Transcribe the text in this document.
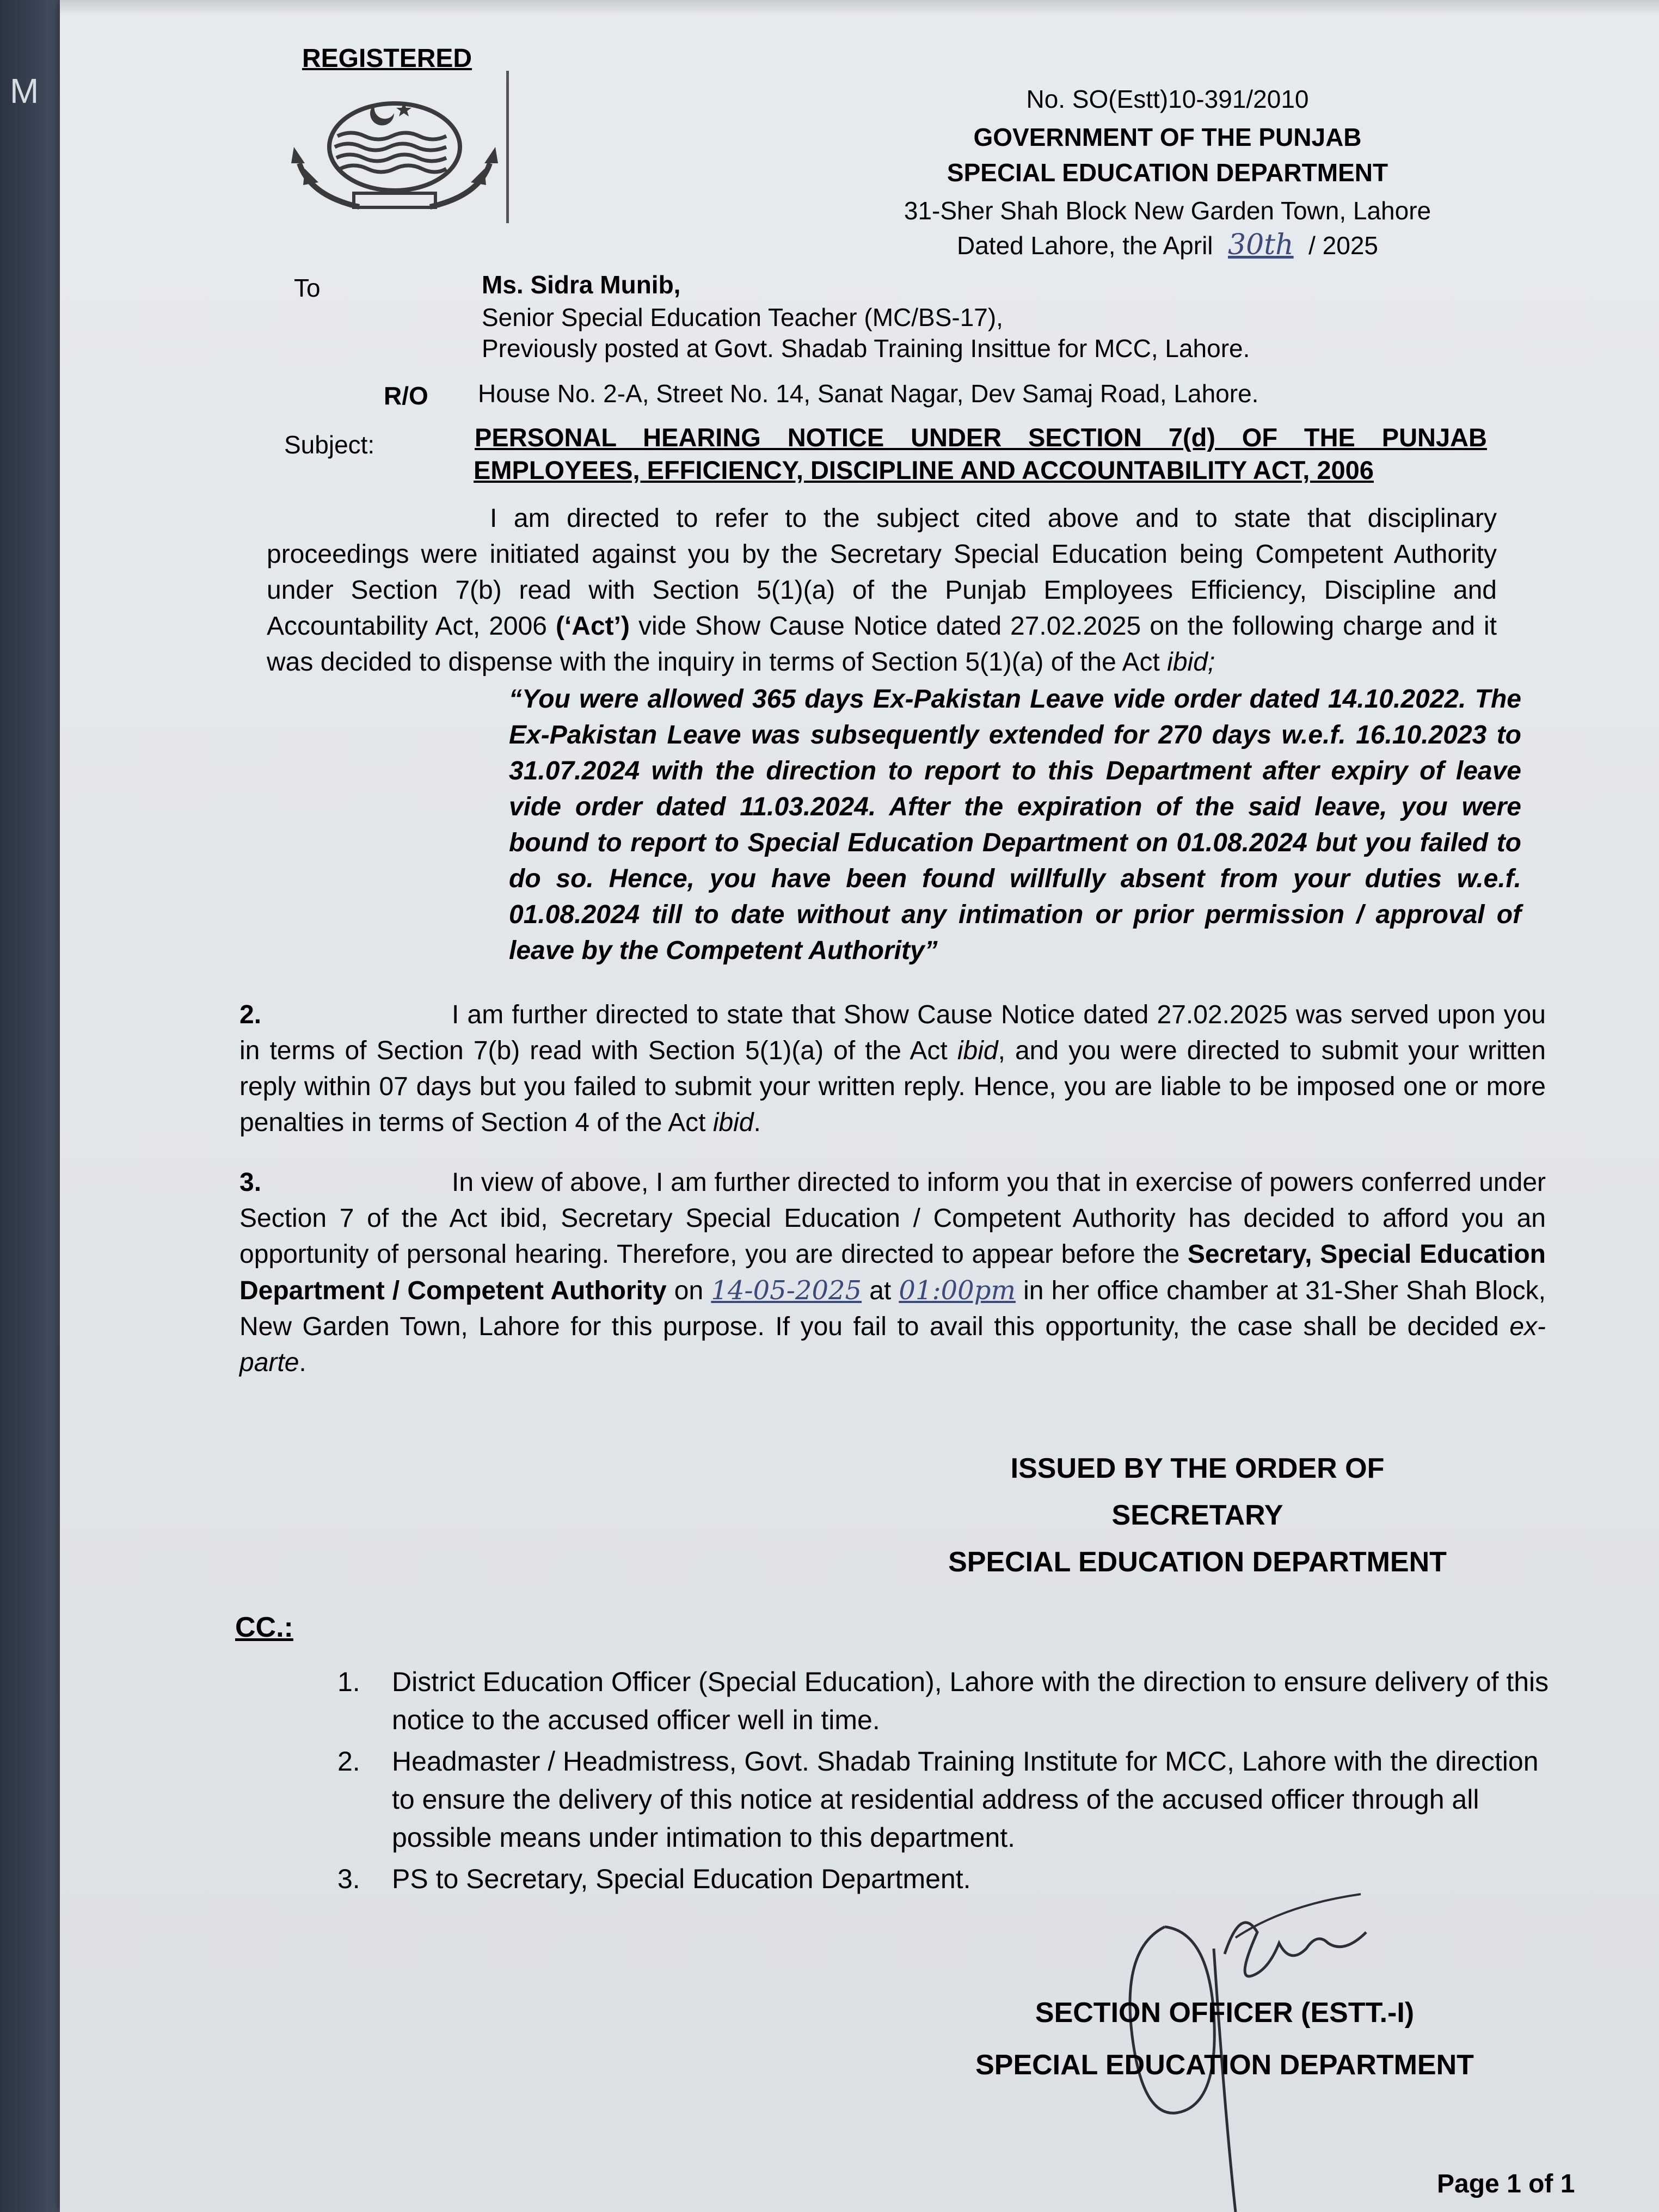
M
REGISTERED
No. SO(Estt)10-391/2010
GOVERNMENT OF THE PUNJAB
SPECIAL EDUCATION DEPARTMENT
31-Sher Shah Block New Garden Town, Lahore
Dated Lahore, the April 30th / 2025
To	Ms. Sidra Munib,
Senior Special Education Teacher (MC/BS-17),
Previously posted at Govt. Shadab Training Insittue for MCC, Lahore.
R/O House No. 2-A, Street No. 14, Sanat Nagar, Dev Samaj Road, Lahore.
Subject:	PERSONAL HEARING NOTICE UNDER SECTION 7(d) OF THE PUNJAB
EMPLOYEES, EFFICIENCY, DISCIPLINE AND ACCOUNTABILITY ACT, 2006
I am directed to refer to the subject cited above and to state that disciplinary proceedings were initiated against you by the Secretary Special Education being Competent Authority under Section 7(b) read with Section 5(1)(a) of the Punjab Employees Efficiency, Discipline and Accountability Act, 2006 (‘Act’) vide Show Cause Notice dated 27.02.2025 on the following charge and it was decided to dispense with the inquiry in terms of Section 5(1)(a) of the Act ibid;
“You were allowed 365 days Ex-Pakistan Leave vide order dated 14.10.2022. The Ex-Pakistan Leave was subsequently extended for 270 days w.e.f. 16.10.2023 to 31.07.2024 with the direction to report to this Department after expiry of leave vide order dated 11.03.2024. After the expiration of the said leave, you were bound to report to Special Education Department on 01.08.2024 but you failed to do so. Hence, you have been found willfully absent from your duties w.e.f. 01.08.2024 till to date without any intimation or prior permission / approval of leave by the Competent Authority”
2.	I am further directed to state that Show Cause Notice dated 27.02.2025 was served upon you in terms of Section 7(b) read with Section 5(1)(a) of the Act ibid, and you were directed to submit your written reply within 07 days but you failed to submit your written reply. Hence, you are liable to be imposed one or more penalties in terms of Section 4 of the Act ibid.
3.	In view of above, I am further directed to inform you that in exercise of powers conferred under Section 7 of the Act ibid, Secretary Special Education / Competent Authority has decided to afford you an opportunity of personal hearing. Therefore, you are directed to appear before the Secretary, Special Education Department / Competent Authority on 14-05-2025 at 01:00pm in her office chamber at 31-Sher Shah Block, New Garden Town, Lahore for this purpose. If you fail to avail this opportunity, the case shall be decided ex-parte.
ISSUED BY THE ORDER OF
SECRETARY
SPECIAL EDUCATION DEPARTMENT
CC.:
1.	District Education Officer (Special Education), Lahore with the direction to ensure delivery of this notice to the accused officer well in time.
2.	Headmaster / Headmistress, Govt. Shadab Training Institute for MCC, Lahore with the direction to ensure the delivery of this notice at residential address of the accused officer through all possible means under intimation to this department.
3.	PS to Secretary, Special Education Department.
SECTION OFFICER (ESTT.-I)
SPECIAL EDUCATION DEPARTMENT
Page 1 of 1
